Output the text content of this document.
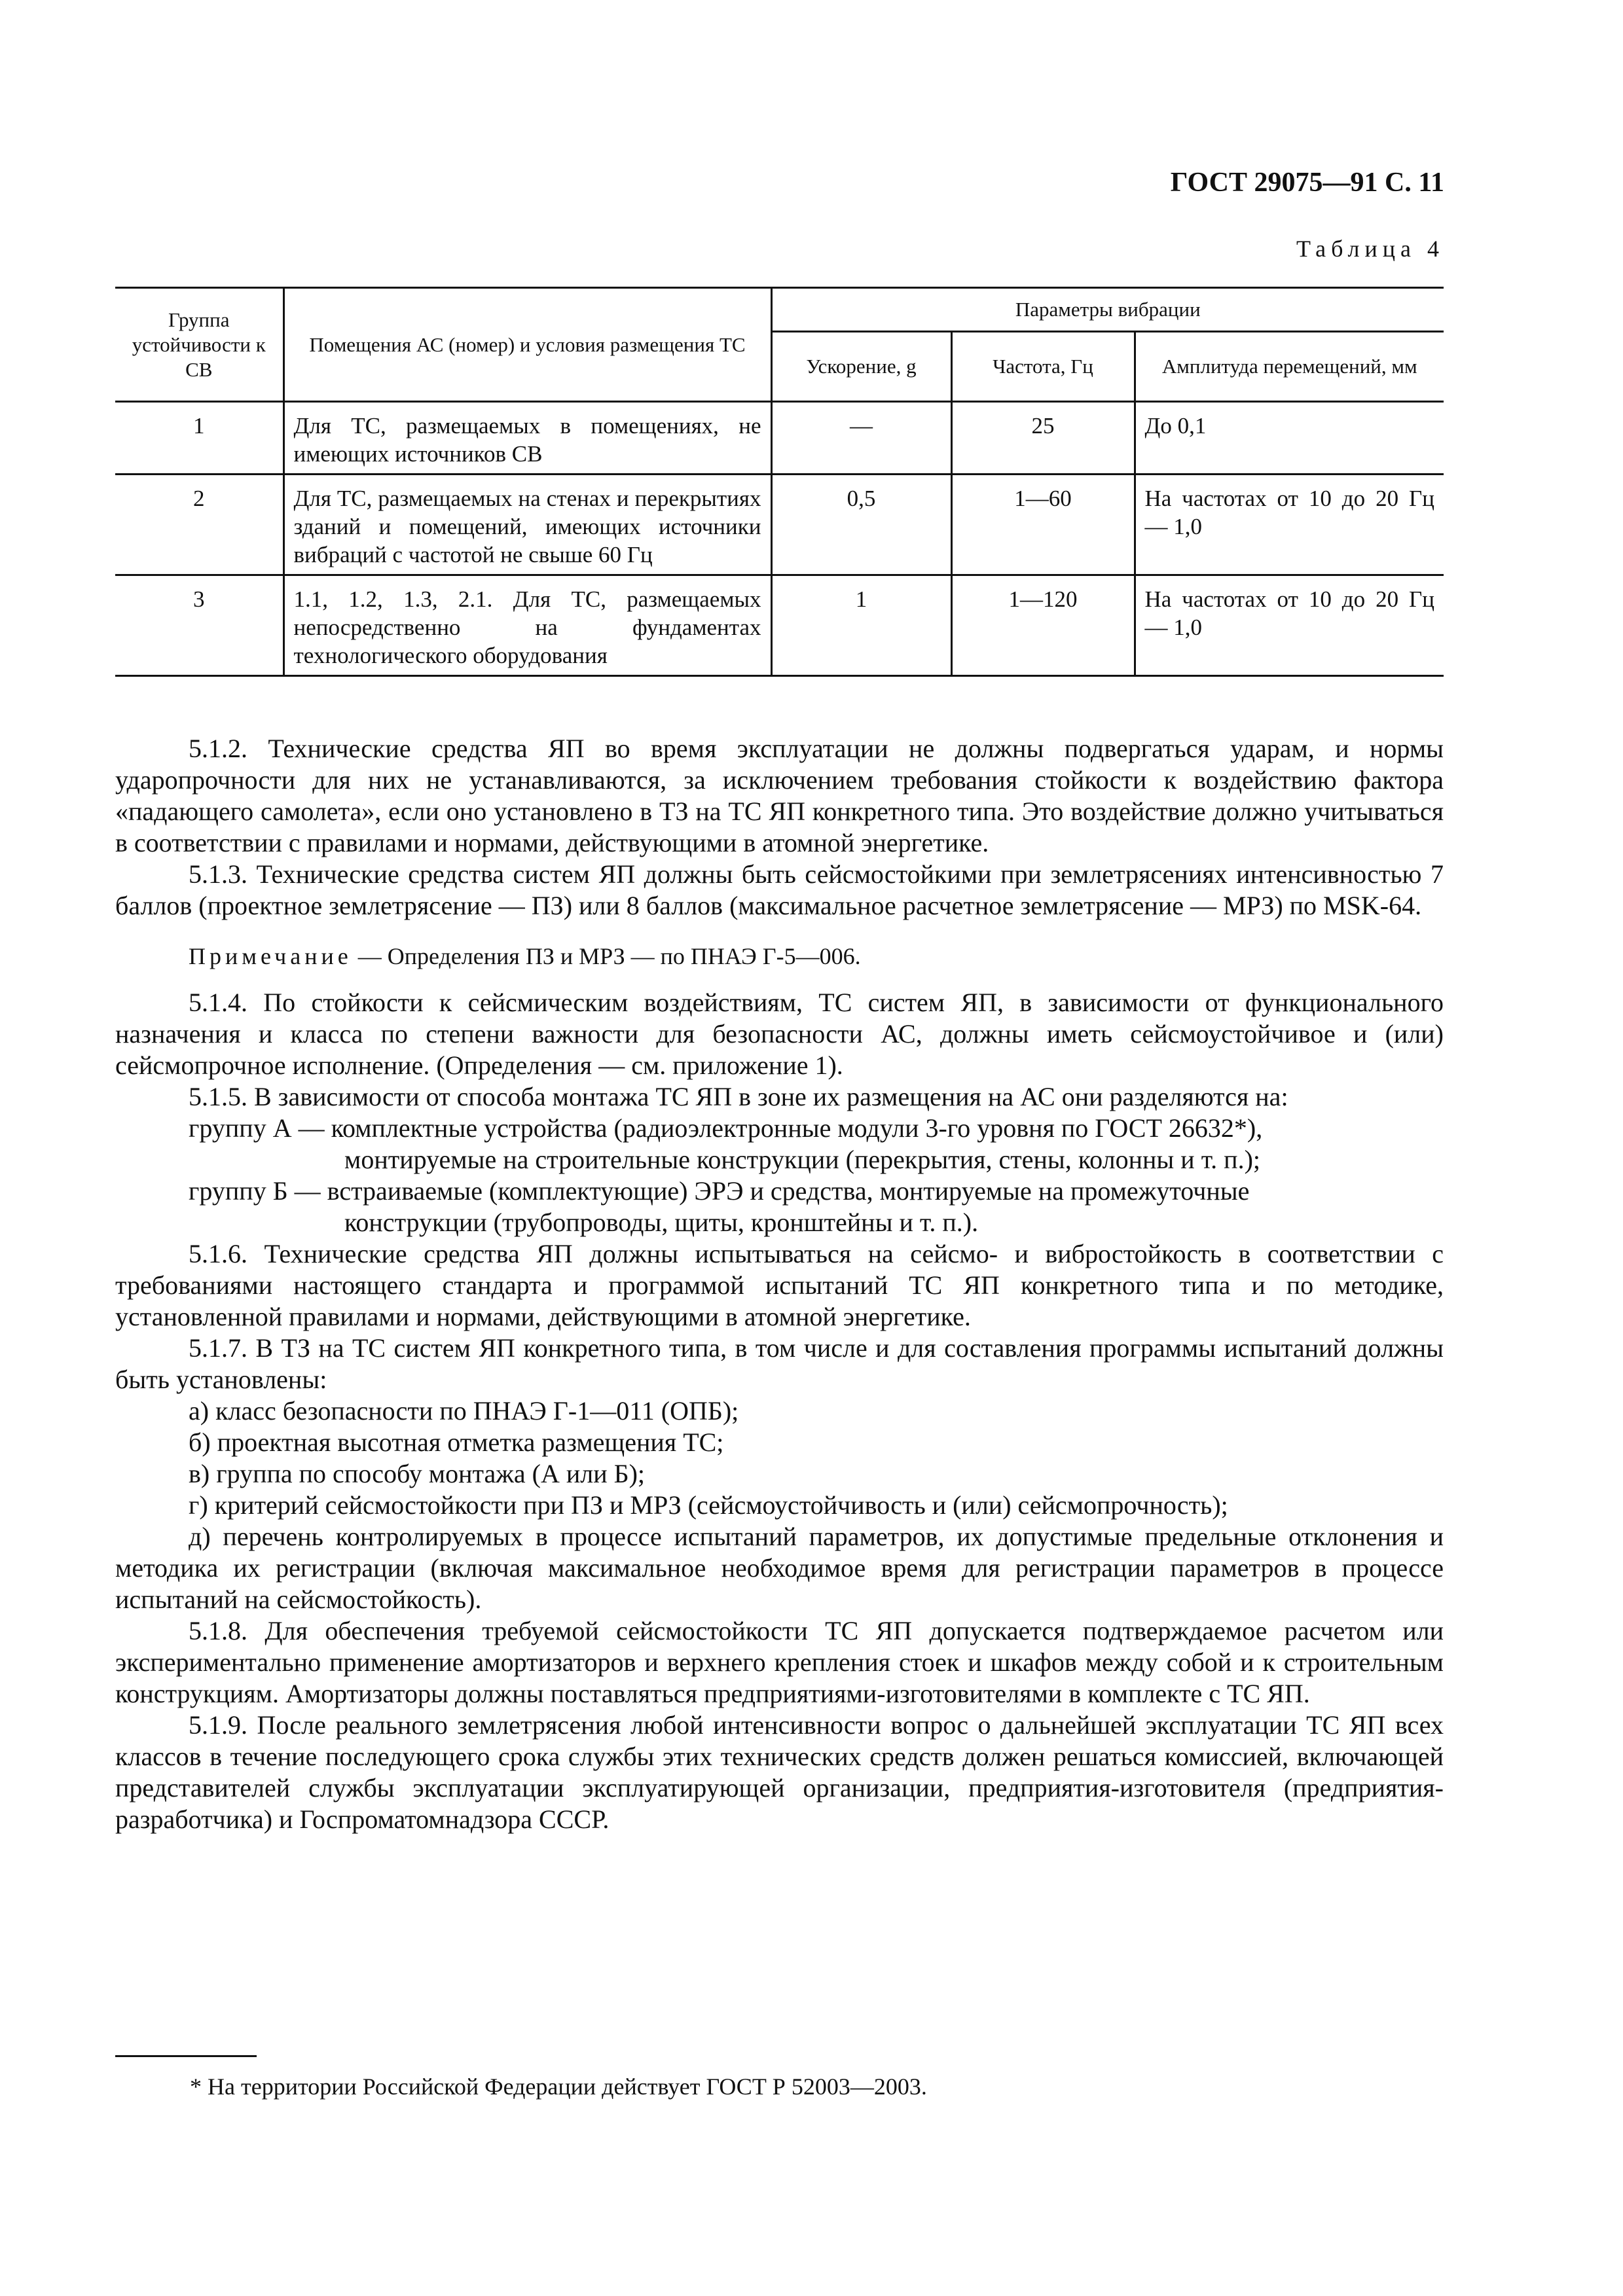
ГОСТ 29075—91 С. 11
Таблица 4
Группа устойчивости к СВ	Помещения АС (номер) и условия размещения ТС	Параметры вибрации		
		Ускорение, g	Частота, Гц	Амплитуда перемещений, мм
1	Для ТС, размещаемых в помещениях, не имеющих источников СВ	—	25	До 0,1
2	Для ТС, размещаемых на стенах и перекрытиях зданий и помещений, имеющих источники вибраций с частотой не свыше 60 Гц	0,5	1—60	На частотах от 10 до 20 Гц — 1,0
3	1.1, 1.2, 1.3, 2.1. Для ТС, размещаемых непосредственно на фундаментах технологического оборудования	1	1—120	На частотах от 10 до 20 Гц — 1,0

5.1.2. Технические средства ЯП во время эксплуатации не должны подвергаться ударам, и нормы ударопрочности для них не устанавливаются, за исключением требования стойкости к воздействию фактора «падающего самолета», если оно установлено в ТЗ на ТС ЯП конкретного типа. Это воздействие должно учитываться в соответствии с правилами и нормами, действующими в атомной энергетике.

5.1.3. Технические средства систем ЯП должны быть сейсмостойкими при землетрясениях интенсивностью 7 баллов (проектное землетрясение — ПЗ) или 8 баллов (максимальное расчетное землетрясение — МРЗ) по MSK-64.

Примечание — Определения ПЗ и МРЗ — по ПНАЭ Г-5—006.

5.1.4. По стойкости к сейсмическим воздействиям, ТС систем ЯП, в зависимости от функционального назначения и класса по степени важности для безопасности АС, должны иметь сейсмоустойчивое и (или) сейсмопрочное исполнение. (Определения — см. приложение 1).

5.1.5. В зависимости от способа монтажа ТС ЯП в зоне их размещения на АС они разделяются на:

группу А — комплектные устройства (радиоэлектронные модули 3-го уровня по ГОСТ 26632*),

монтируемые на строительные конструкции (перекрытия, стены, колонны и т. п.);

группу Б — встраиваемые (комплектующие) ЭРЭ и средства, монтируемые на промежуточные

конструкции (трубопроводы, щиты, кронштейны и т. п.).

5.1.6. Технические средства ЯП должны испытываться на сейсмо- и вибростойкость в соответствии с требованиями настоящего стандарта и программой испытаний ТС ЯП конкретного типа и по методике, установленной правилами и нормами, действующими в атомной энергетике.

5.1.7. В ТЗ на ТС систем ЯП конкретного типа, в том числе и для составления программы испытаний должны быть установлены:

а) класс безопасности по ПНАЭ Г-1—011 (ОПБ);

б) проектная высотная отметка размещения ТС;

в) группа по способу монтажа (А или Б);

г) критерий сейсмостойкости при ПЗ и МРЗ (сейсмоустойчивость и (или) сейсмопрочность);

д) перечень контролируемых в процессе испытаний параметров, их допустимые предельные отклонения и методика их регистрации (включая максимальное необходимое время для регистрации параметров в процессе испытаний на сейсмостойкость).

5.1.8. Для обеспечения требуемой сейсмостойкости ТС ЯП допускается подтверждаемое расчетом или экспериментально применение амортизаторов и верхнего крепления стоек и шкафов между собой и к строительным конструкциям. Амортизаторы должны поставляться предприятиями-изготовителями в комплекте с ТС ЯП.

5.1.9. После реального землетрясения любой интенсивности вопрос о дальнейшей эксплуатации ТС ЯП всех классов в течение последующего срока службы этих технических средств должен решаться комиссией, включающей представителей службы эксплуатации эксплуатирующей организации, предприятия-изготовителя (предприятия-разработчика) и Госпроматомнадзора СССР.

* На территории Российской Федерации действует ГОСТ Р 52003—2003.
